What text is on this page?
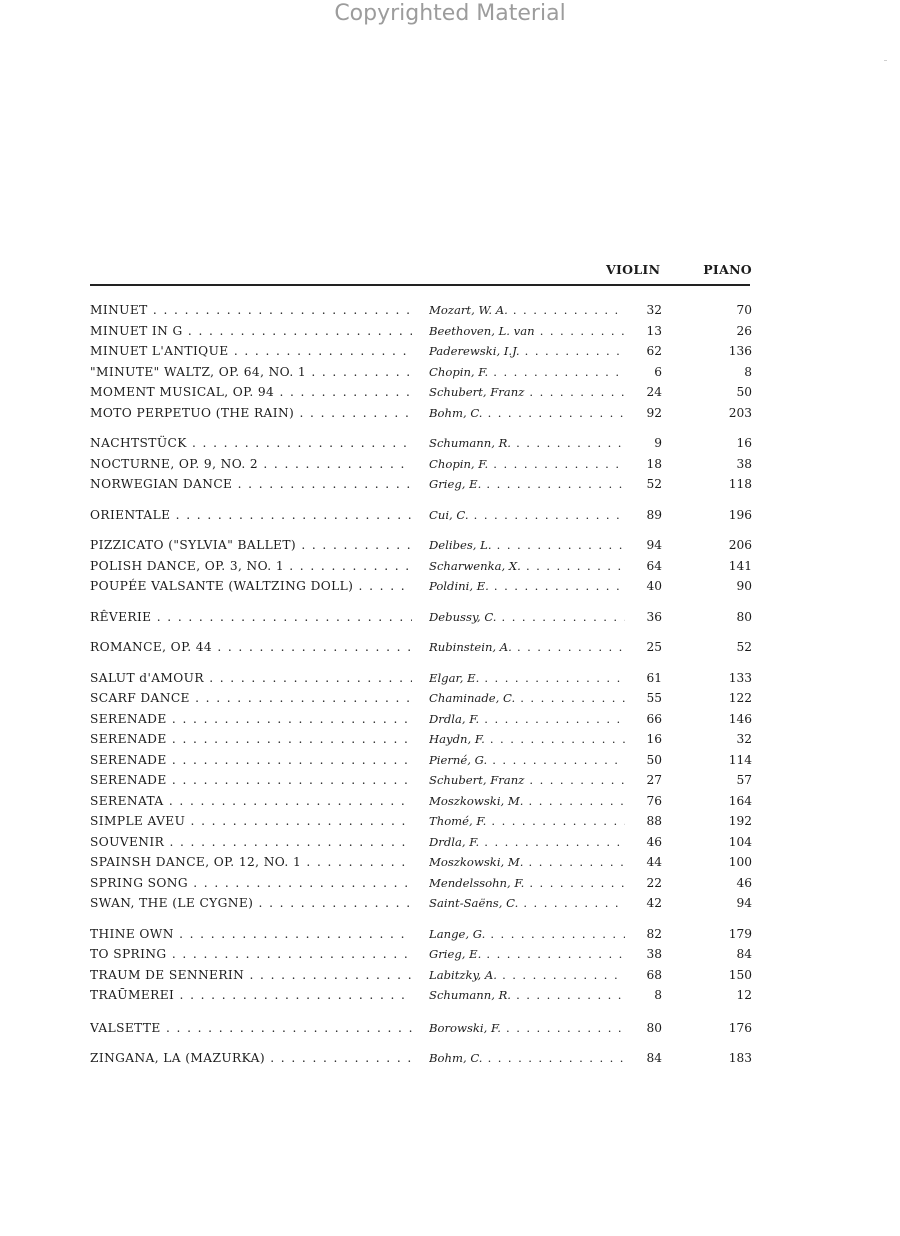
Copyrighted Material
VIOLIN	PIANO
MINUET . . .	Mozart, W. A. . . .	32	70
MINUET IN G . . .	Beethoven, L. van . . .	13	26
MINUET L'ANTIQUE . . .	Paderewski, I.J. . . .	62	136
"MINUTE" WALTZ, OP. 64, NO. 1 . . .	Chopin, F. . . .	6	8
MOMENT MUSICAL, OP. 94 . . .	Schubert, Franz . . .	24	50
MOTO PERPETUO (THE RAIN) . . .	Bohm, C. . . .	92	203
NACHTSTÜCK . . .	Schumann, R. . . .	9	16
NOCTURNE, OP. 9, NO. 2 . . .	Chopin, F. . . .	18	38
NORWEGIAN DANCE . . .	Grieg, E. . . .	52	118
ORIENTALE . . .	Cui, C. . . .	89	196
PIZZICATO ("SYLVIA" BALLET) . . .	Delibes, L. . . .	94	206
POLISH DANCE, OP. 3, NO. 1 . . .	Scharwenka, X. . . .	64	141
POUPÉE VALSANTE (WALTZING DOLL) . . .	Poldini, E. . . .	40	90
RÊVERIE . . .	Debussy, C. . . .	36	80
ROMANCE, OP. 44 . . .	Rubinstein, A. . . .	25	52
SALUT d'AMOUR . . .	Elgar, E. . . .	61	133
SCARF DANCE . . .	Chaminade, C. . . .	55	122
SERENADE . . .	Drdla, F. . . .	66	146
SERENADE . . .	Haydn, F. . . .	16	32
SERENADE . . .	Pierné, G. . . .	50	114
SERENADE . . .	Schubert, Franz . . .	27	57
SERENATA . . .	Moszkowski, M. . . .	76	164
SIMPLE AVEU . . .	Thomé, F. . . .	88	192
SOUVENIR . . .	Drdla, F. . . .	46	104
SPAINSH DANCE, OP. 12, NO. 1 . . .	Moszkowski, M. . . .	44	100
SPRING SONG . . .	Mendelssohn, F. . . .	22	46
SWAN, THE (LE CYGNE) . . .	Saint-Saëns, C. . . .	42	94
THINE OWN . . .	Lange, G. . . .	82	179
TO SPRING . . .	Grieg, E. . . .	38	84
TRAUM DE SENNERIN . . .	Labitzky, A. . . .	68	150
TRAŪMEREI . . .	Schumann, R. . . .	8	12
VALSETTE . . .	Borowski, F. . . .	80	176
ZINGANA, LA (MAZURKA) . . .	Bohm, C. . . .	84	183
